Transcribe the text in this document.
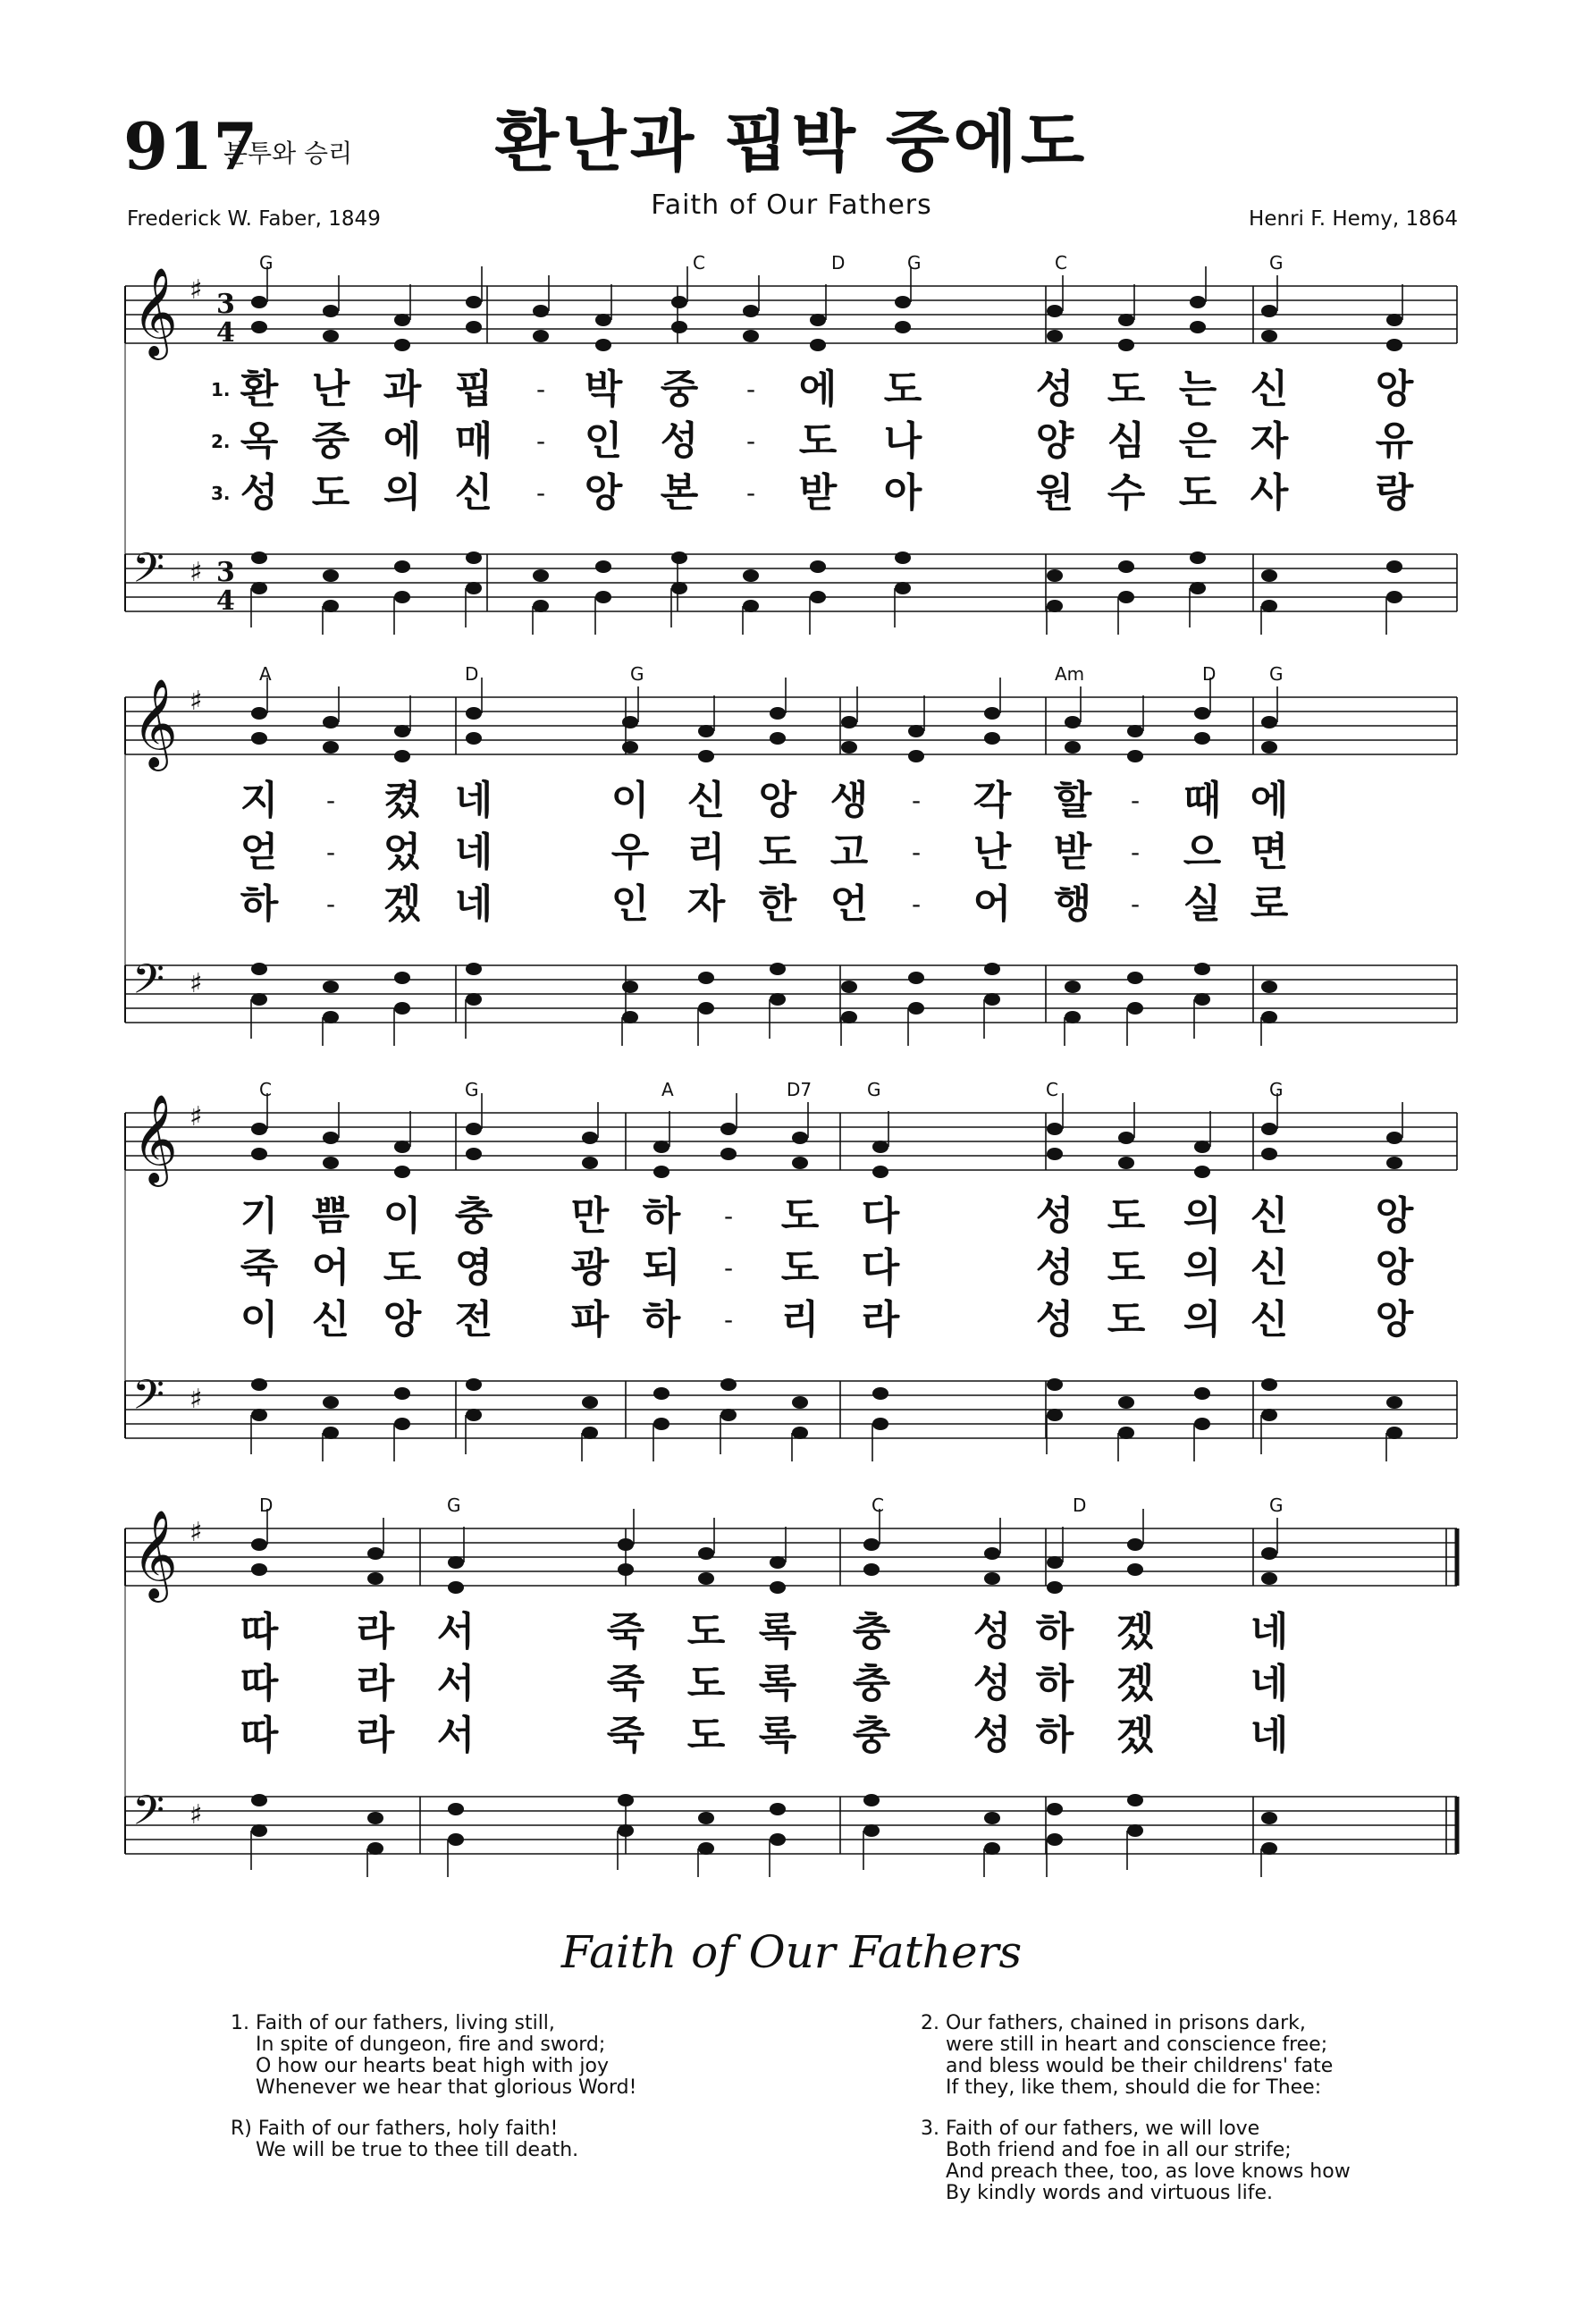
917
분투와 승리	환난과 핍박 중에도
Faith of Our Fathers
Frederick W. Faber, 1849	Henri F. Hemy, 1864
𝄞 ♯ 3
4
𝄢 ♯ 3
4
G	C	D	G	C	G
1. 환 난 과 핍	- 박 중	-	에 도	성 도 는 신 앙
2. 옥 중 에 매	- 인 성	-	도 나	양 심 은 자 유
3. 성 도 의 신	- 앙 본	-	받 아	원 수 도 사 랑
𝄞 ♯
𝄢 ♯
A	D	G	Am	D	G
지	-	켰 네	이 신 앙 생	-	각 할	-	때 에
얻	-	었 네	우 리 도 고	-	난 받	-	으 면
하	-	겠 네	인 자 한 언	-	어 행	-	실 로
𝄞 ♯
𝄢 ♯
C	G	A	D7	G	C	G
기 쁨 이 충 만 하	-	도 다	성 도 의 신 앙
죽 어 도 영 광 되	-	도 다	성 도 의 신 앙
이 신 앙 전 파 하	-	리 라	성 도 의 신 앙
𝄞 ♯
𝄢 ♯
D	G	C	D	G
따 라 서	죽 도 록 충 성 하 겠 네
따 라 서	죽 도 록 충 성 하 겠 네
따 라 서	죽 도 록 충 성 하 겠 네
Faith of Our Fathers
1. Faith of our fathers, living still,
In spite of dungeon, fire and sword;
O how our hearts beat high with joy
Whenever we hear that glorious Word!
R) Faith of our fathers, holy faith!
We will be true to thee till death.
2. Our fathers, chained in prisons dark,
were still in heart and conscience free;
and bless would be their childrens' fate
If they, like them, should die for Thee:
3. Faith of our fathers, we will love
Both friend and foe in all our strife;
And preach thee, too, as love knows how
By kindly words and virtuous life.
